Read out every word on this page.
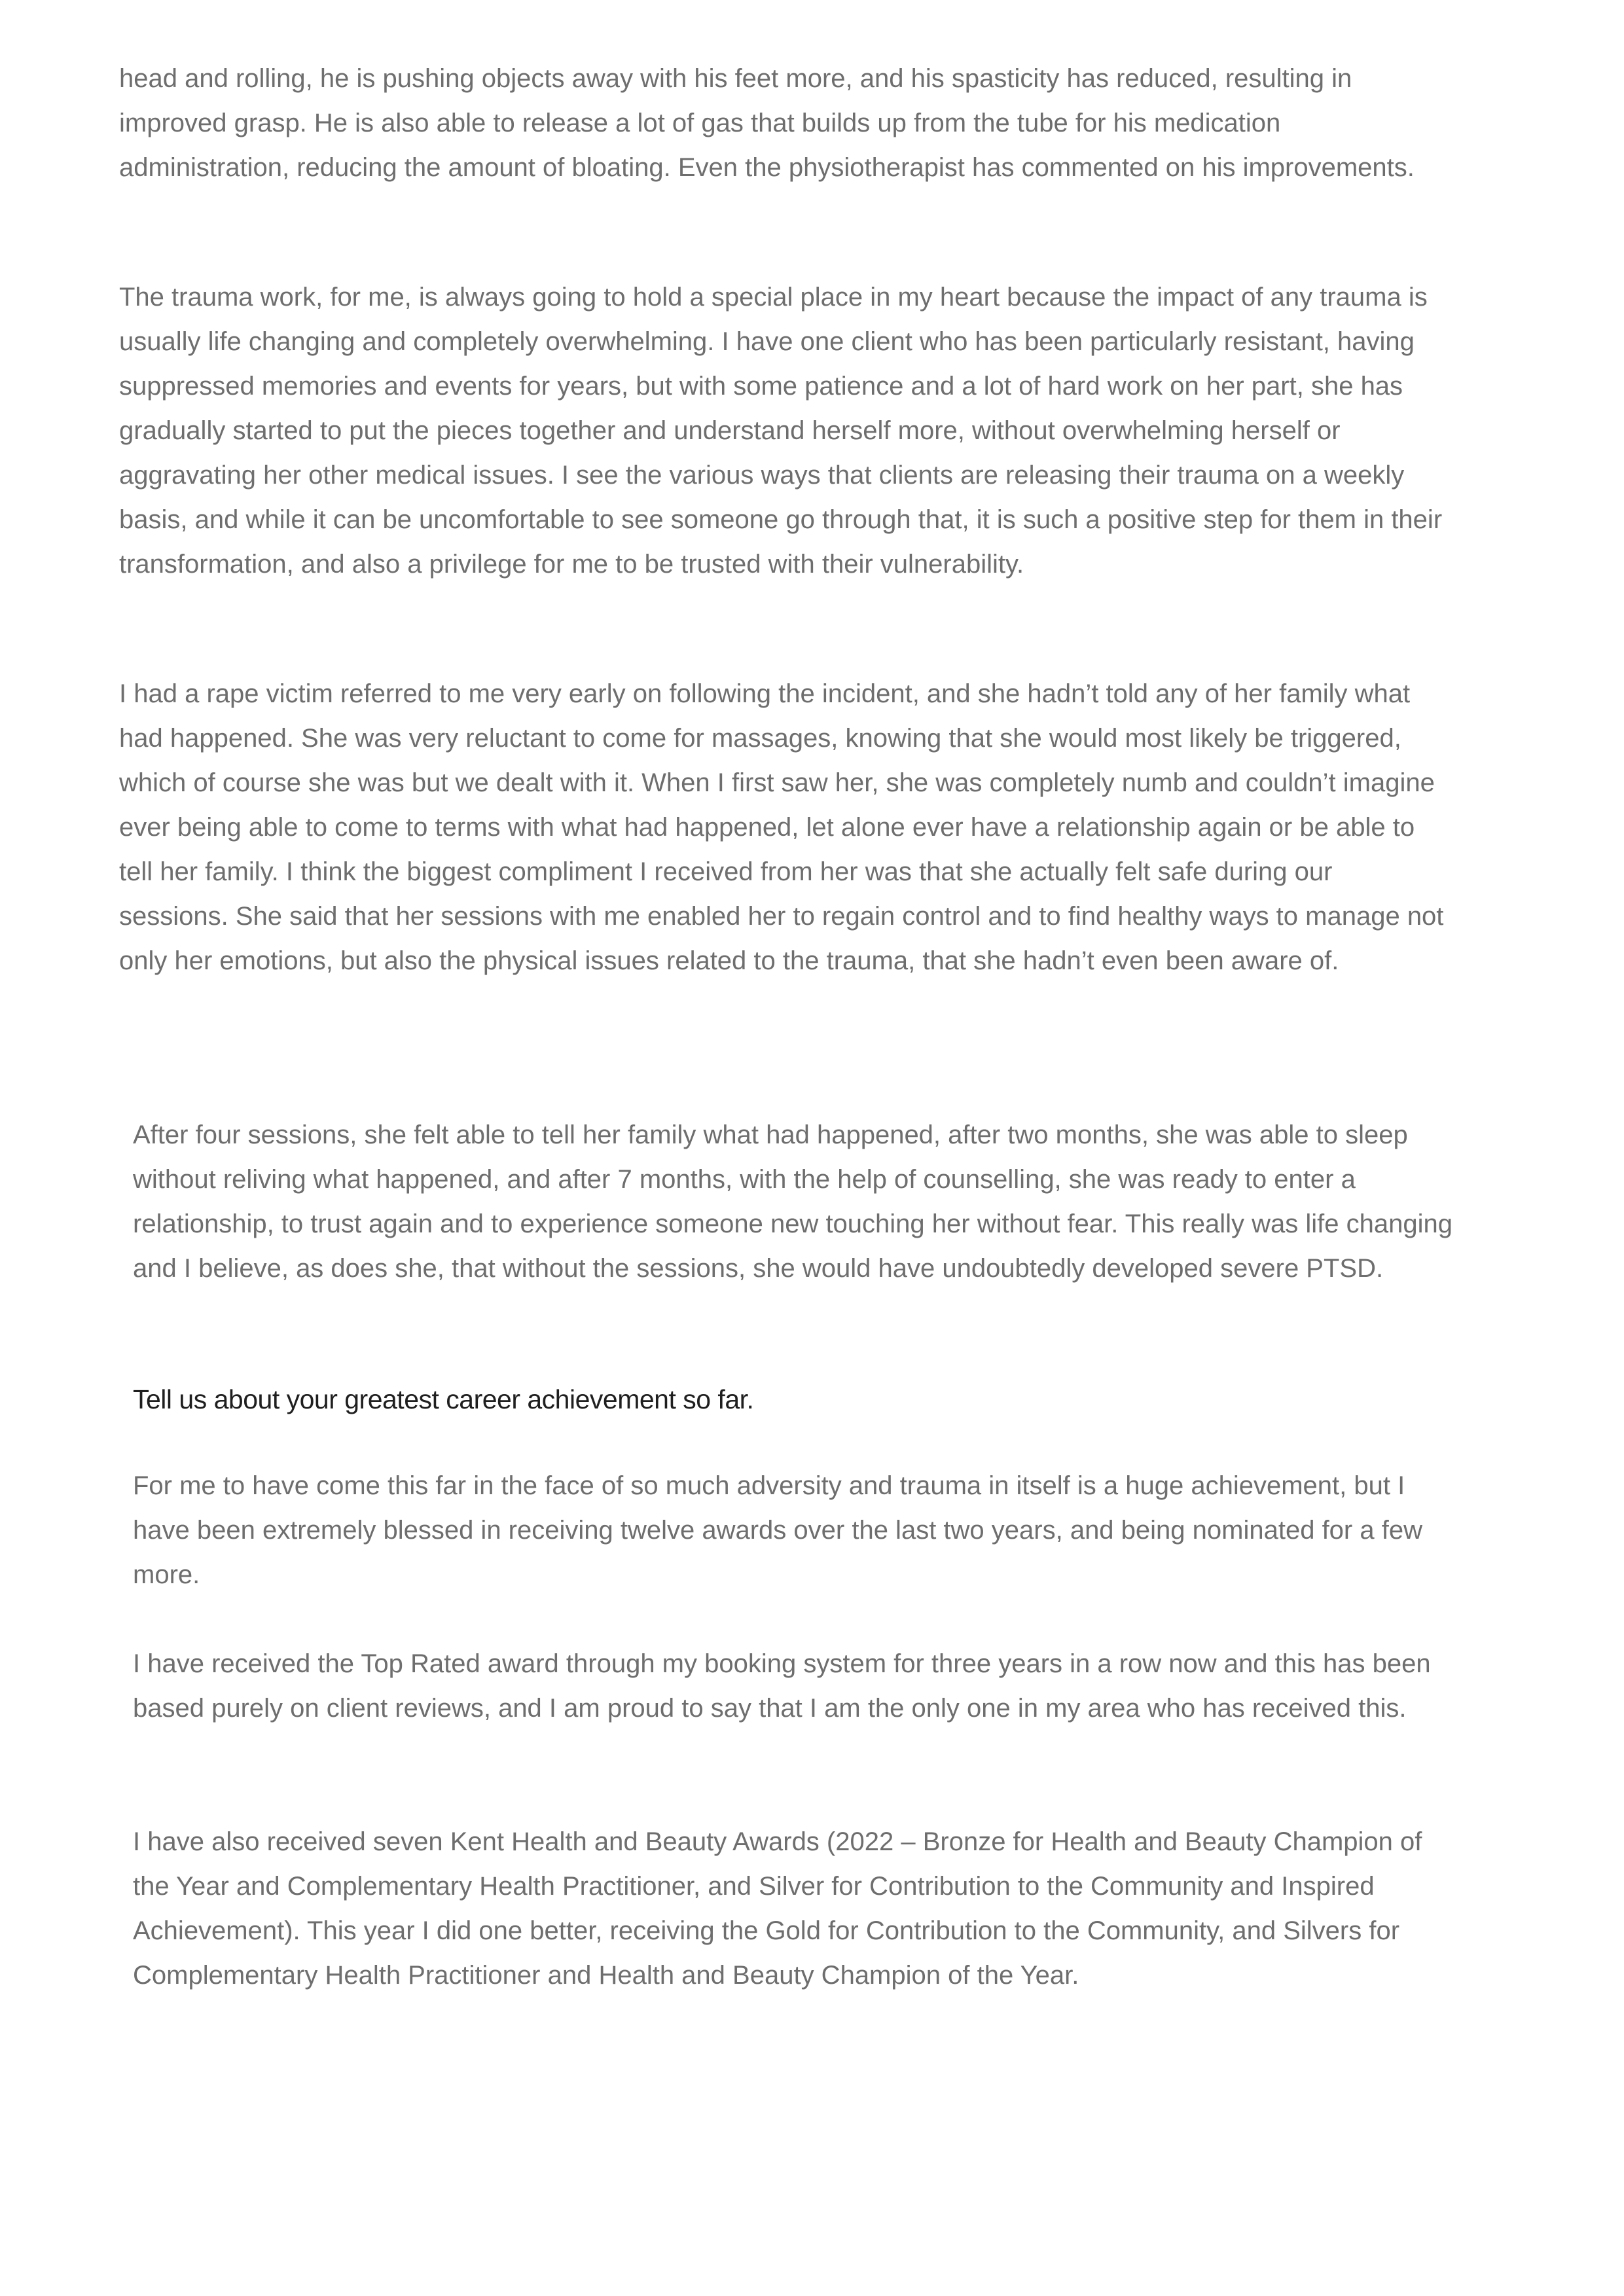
head and rolling, he is pushing objects away with his feet more, and his spasticity has reduced, resulting in improved grasp. He is also able to release a lot of gas that builds up from the tube for his medication administration, reducing the amount of bloating. Even the physiotherapist has commented on his improvements.

The trauma work, for me, is always going to hold a special place in my heart because the impact of any trauma is usually life changing and completely overwhelming. I have one client who has been particularly resistant, having suppressed memories and events for years, but with some patience and a lot of hard work on her part, she has gradually started to put the pieces together and understand herself more, without overwhelming herself or aggravating her other medical issues. I see the various ways that clients are releasing their trauma on a weekly basis, and while it can be uncomfortable to see someone go through that, it is such a positive step for them in their transformation, and also a privilege for me to be trusted with their vulnerability.

I had a rape victim referred to me very early on following the incident, and she hadn’t told any of her family what had happened. She was very reluctant to come for massages, knowing that she would most likely be triggered, which of course she was but we dealt with it. When I first saw her, she was completely numb and couldn’t imagine ever being able to come to terms with what had happened, let alone ever have a relationship again or be able to tell her family. I think the biggest compliment I received from her was that she actually felt safe during our sessions. She said that her sessions with me enabled her to regain control and to find healthy ways to manage not only her emotions, but also the physical issues related to the trauma, that she hadn’t even been aware of.

After four sessions, she felt able to tell her family what had happened, after two months, she was able to sleep without reliving what happened, and after 7 months, with the help of counselling, she was ready to enter a relationship, to trust again and to experience someone new touching her without fear. This really was life changing and I believe, as does she, that without the sessions, she would have undoubtedly developed severe PTSD.

Tell us about your greatest career achievement so far.

For me to have come this far in the face of so much adversity and trauma in itself is a huge achievement, but I have been extremely blessed in receiving twelve awards over the last two years, and being nominated for a few more.

I have received the Top Rated award through my booking system for three years in a row now and this has been based purely on client reviews, and I am proud to say that I am the only one in my area who has received this.

I have also received seven Kent Health and Beauty Awards (2022 – Bronze for Health and Beauty Champion of the Year and Complementary Health Practitioner, and Silver for Contribution to the Community and Inspired Achievement). This year I did one better, receiving the Gold for Contribution to the Community, and Silvers for Complementary Health Practitioner and Health and Beauty Champion of the Year.
